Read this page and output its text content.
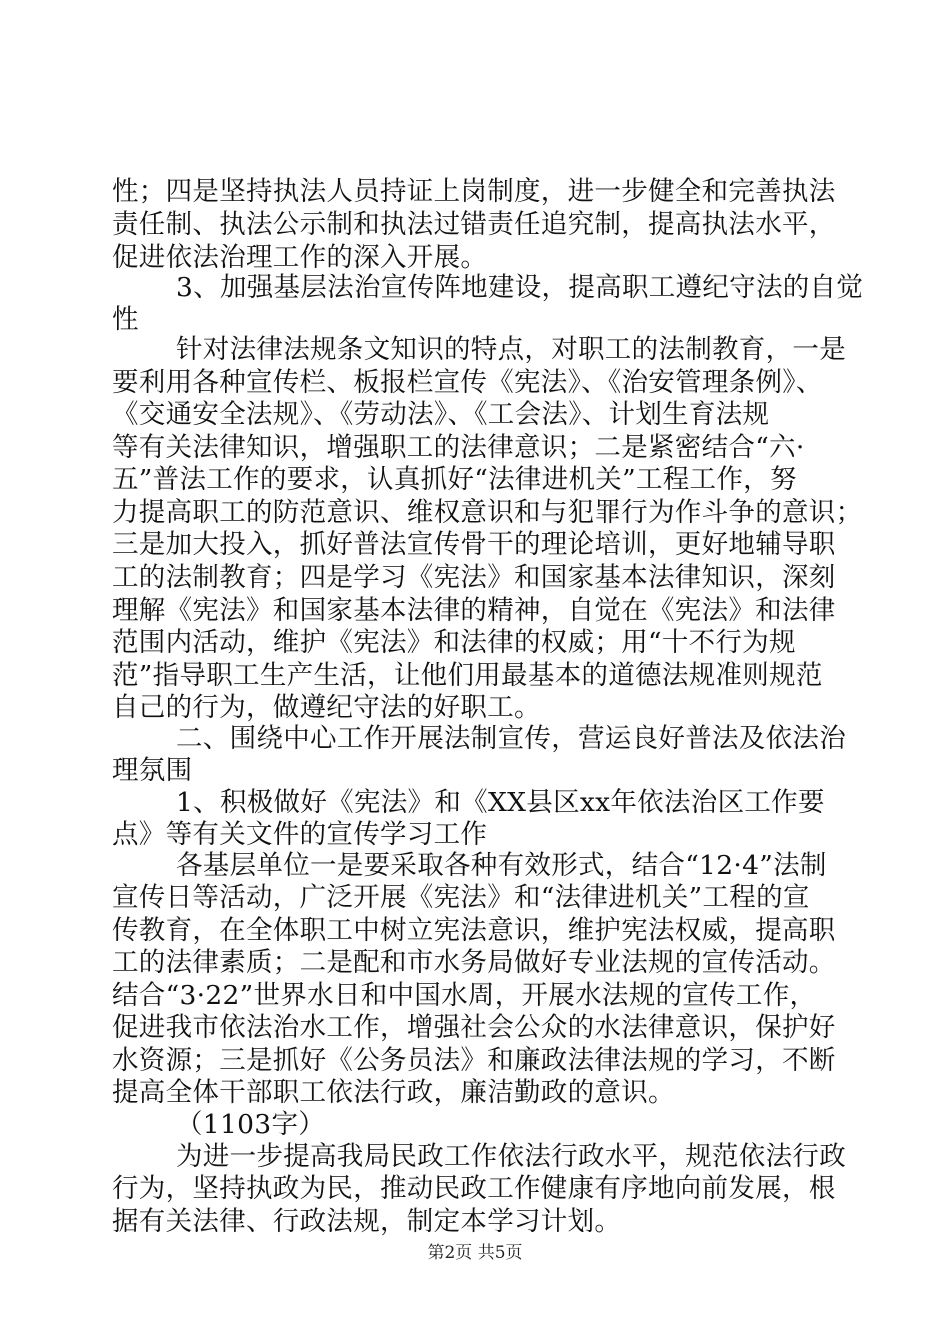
性；四是坚持执法人员持证上岗制度，进一步健全和完善执法
责任制、执法公示制和执法过错责任追究制，提高执法水平，
促进依法治理工作的深入开展。
3、加强基层法治宣传阵地建设，提高职工遵纪守法的自觉
性
针对法律法规条文知识的特点，对职工的法制教育，一是
要利用各种宣传栏、板报栏宣传《宪法》、《治安管理条例》、
《交通安全法规》、《劳动法》、《工会法》、计划生育法规
等有关法律知识，增强职工的法律意识；二是紧密结合“六·
五”普法工作的要求，认真抓好“法律进机关”工程工作，努
力提高职工的防范意识、维权意识和与犯罪行为作斗争的意识；
三是加大投入，抓好普法宣传骨干的理论培训，更好地辅导职
工的法制教育；四是学习《宪法》和国家基本法律知识，深刻
理解《宪法》和国家基本法律的精神，自觉在《宪法》和法律
范围内活动，维护《宪法》和法律的权威；用“十不行为规
范”指导职工生产生活，让他们用最基本的道德法规准则规范
自己的行为，做遵纪守法的好职工。
二、围绕中心工作开展法制宣传，营运良好普法及依法治
理氛围
1、积极做好《宪法》和《XX县区xx年依法治区工作要
点》等有关文件的宣传学习工作
各基层单位一是要采取各种有效形式，结合“12·4”法制
宣传日等活动，广泛开展《宪法》和“法律进机关”工程的宣
传教育，在全体职工中树立宪法意识，维护宪法权威，提高职
工的法律素质；二是配和市水务局做好专业法规的宣传活动。
结合“3·22”世界水日和中国水周，开展水法规的宣传工作，
促进我市依法治水工作，增强社会公众的水法律意识，保护好
水资源；三是抓好《公务员法》和廉政法律法规的学习，不断
提高全体干部职工依法行政，廉洁勤政的意识。
（1103字）
为进一步提高我局民政工作依法行政水平，规范依法行政
行为，坚持执政为民，推动民政工作健康有序地向前发展，根
据有关法律、行政法规，制定本学习计划。
第2页 共5页
